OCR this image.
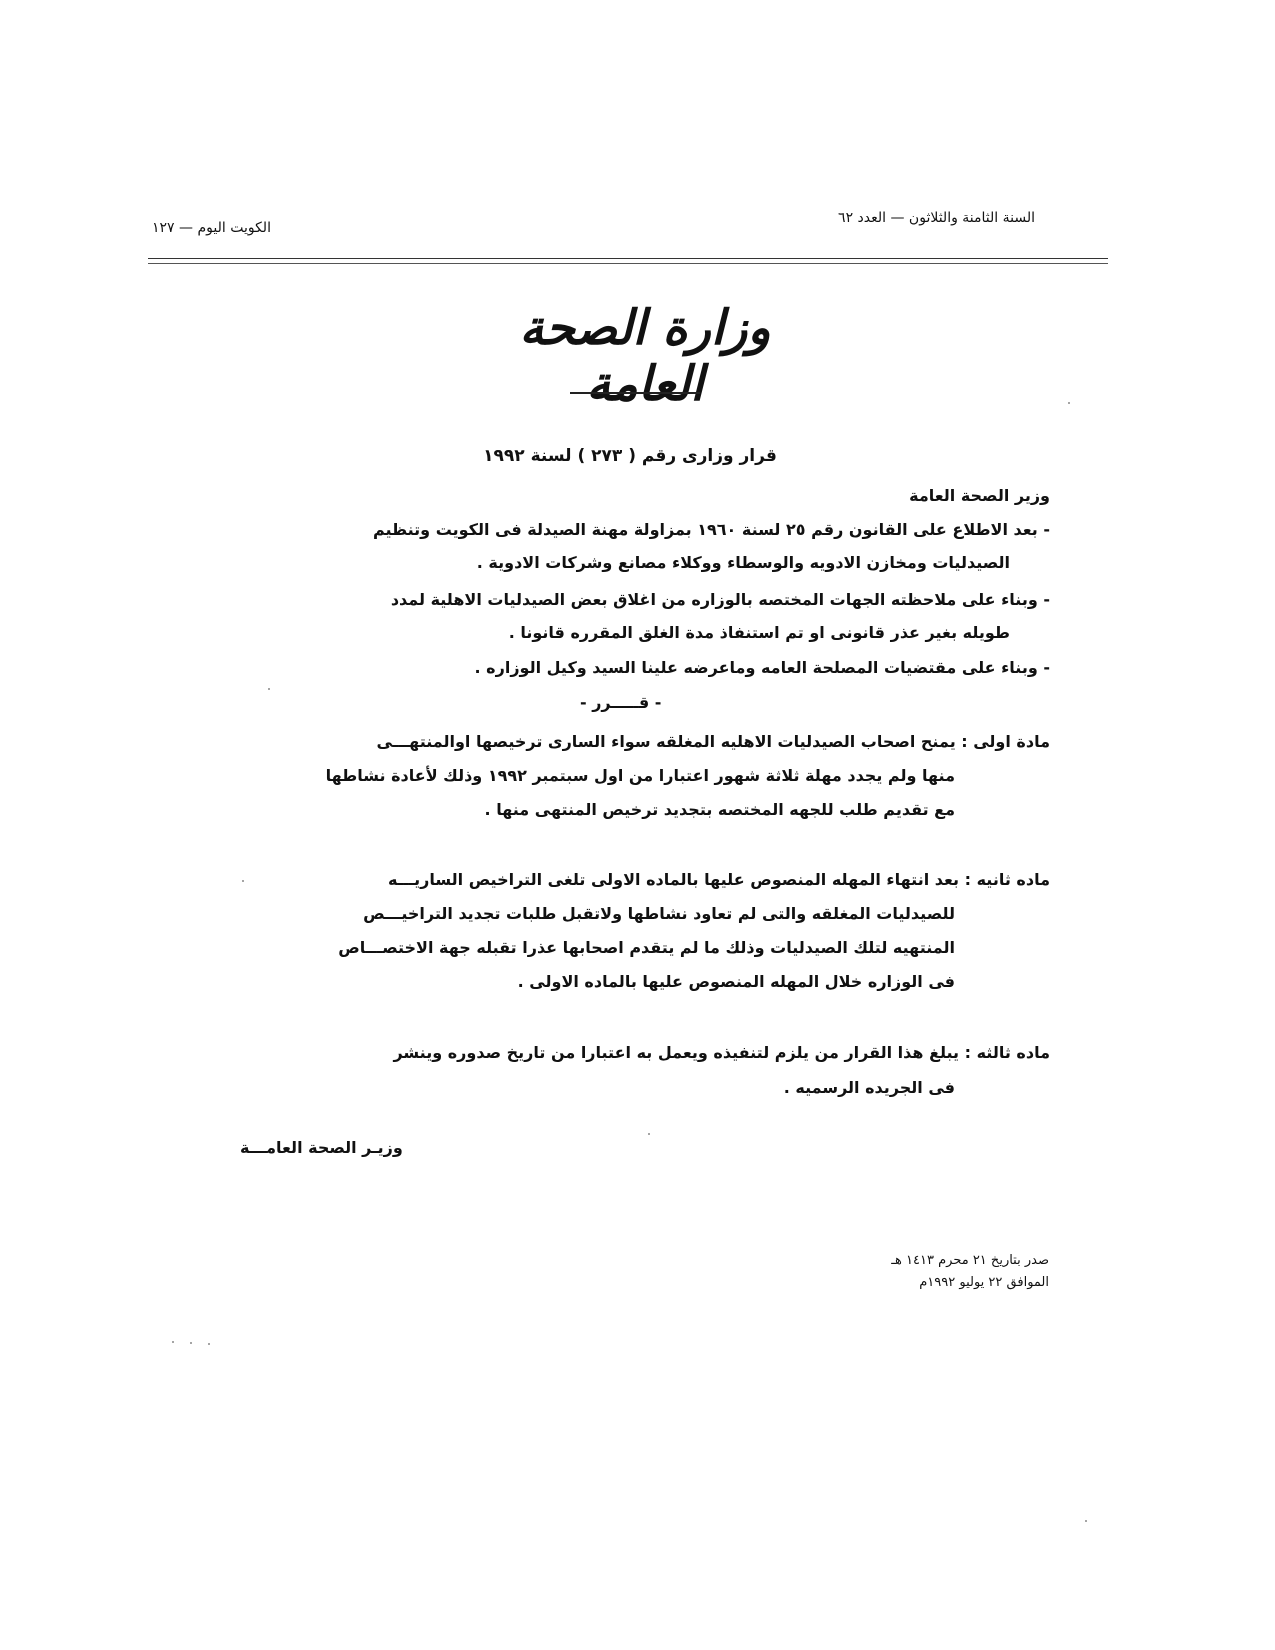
السنة الثامنة والثلاثون — العدد ٦٢
الكويت اليوم — ١٢٧
وزارة الصحة العامة
قرار وزارى رقم ( ٢٧٣ ) لسنة ١٩٩٢
وزير الصحة العامة
- بعد الاطلاع على القانون رقم ٢٥ لسنة ١٩٦٠ بمزاولة مهنة الصيدلة فى الكويت وتنظيم
الصيدليات ومخازن الادويه والوسطاء ووكلاء مصانع وشركات الادوية .
- وبناء على ملاحظته الجهات المختصه بالوزاره من اغلاق بعض الصيدليات الاهلية لمدد
طويله بغير عذر قانونى او تم استنفاذ مدة الغلق المقرره قانونا .
- وبناء على مقتضيات المصلحة العامه وماعرضه علينا السيد وكيل الوزاره .
- قـــــرر -
مادة اولى : يمنح اصحاب الصيدليات الاهليه المغلقه سواء السارى ترخيصها اوالمنتهـــى
منها ولم يجدد مهلة ثلاثة شهور اعتبارا من اول سبتمبر ١٩٩٢ وذلك لأعادة نشاطها
مع تقديم طلب للجهه المختصه بتجديد ترخيص المنتهى منها .
ماده ثانيه : بعد انتهاء المهله المنصوص عليها بالماده الاولى تلغى التراخيص الساريـــه
للصيدليات المغلقه والتى لم تعاود نشاطها ولاتقبل طلبات تجديد التراخيـــص
المنتهيه لتلك الصيدليات وذلك ما لم يتقدم اصحابها عذرا تقبله جهة الاختصـــاص
فى الوزاره خلال المهله المنصوص عليها بالماده الاولى .
ماده ثالثه : يبلغ هذا القرار من يلزم لتنفيذه ويعمل به اعتبارا من تاريخ صدوره وينشر
فى الجريده الرسميه .
وزيـر الصحة العامـــة
صدر بتاريخ ٢١ محرم ١٤١٣ هـ
الموافق ٢٢ يوليو ١٩٩٢م
